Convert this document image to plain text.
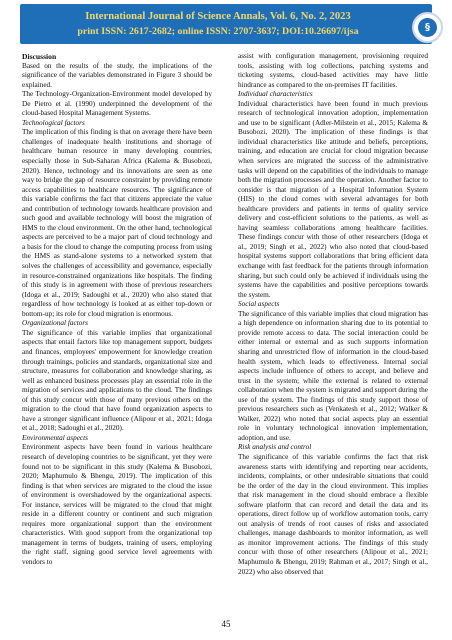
International Journal of Science Annals, Vol. 6, No. 2, 2023
print ISSN: 2617-2682; online ISSN: 2707-3637; DOI:10.26697/ijsa	§

Discussion

Based on the results of the study, the implications of the significance of the variables demonstrated in Figure 3 should be explained.

The Technology-Organization-Environment model developed by De Pietro et al. (1990) underpinned the development of the cloud-based Hospital Management Systems.

Technological factors

The implication of this finding is that on average there have been challenges of inadequate health institutions and shortage of healthcare human resource in many developing countries, especially those in Sub-Saharan Africa (Kalema & Busobozi, 2020). Hence, technology and its innovations are seen as one way to bridge the gap of resource constraint by providing remote access capabilities to healthcare resources. The significance of this variable confirms the fact that citizens appreciate the value and contribution of technology towards healthcare provision and such good and available technology will boost the migration of HMS to the cloud environment. On the other hand, technological aspects are perceived to be a major part of cloud technology and a basis for the cloud to change the computing process from using the HMS as stand-alone systems to a networked system that solves the challenges of accessibility and governance, especially in resource-constrained organizations like hospitals. The finding of this study is in agreement with those of previous researchers (Idoga et al., 2019; Sadoughi et al., 2020) who also stated that regardless of how technology is looked at as either top-down or bottom-up; its role for cloud migration is enormous.

Organizational factors

The significance of this variable implies that organizational aspects that entail factors like top management support, budgets and finances, employees' empowerment for knowledge creation through trainings, policies and standards, organizational size and structure, measures for collaboration and knowledge sharing, as well as enhanced business processes play an essential role in the migration of services and applications to the cloud. The findings of this study concur with those of many previous others on the migration to the cloud that have found organization aspects to have a stronger significant influence (Alipour et al., 2021; Idoga et al., 2018; Sadoughi et al., 2020).

Environmental aspects

Environment aspects have been found in various healthcare research of developing countries to be significant, yet they were found not to be significant in this study (Kalema & Busobozi, 2020; Maphumulo & Bhengu, 2019). The implication of this finding is that when services are migrated to the cloud the issue of environment is overshadowed by the organizational aspects. For instance, services will be migrated to the cloud that might reside in a different country or continent and such migration requires more organizational support than the environment characteristics. With good support from the organizational top management in terms of budgets, training of users, employing the right staff, signing good service level agreements with vendors to

assist with configuration management, provisioning required tools, assisting with log collections, patching systems and ticketing systems, cloud-based activities may have little hindrance as compared to the on-premises IT facilities.

Individual characteristics

Individual characteristics have been found in much previous research of technological innovation adoption, implementation and use to be significant (Adler-Milstein et al., 2015; Kalema & Busobozi, 2020). The implication of these findings is that individual characteristics like attitude and beliefs, perceptions, training, and education are crucial for cloud migration because when services are migrated the success of the administrative tasks will depend on the capabilities of the individuals to manage both the migration processes and the operation. Another factor to consider is that migration of a Hospital Information System (HIS) to the cloud comes with several advantages for both healthcare providers and patients in terms of quality service delivery and cost-efficient solutions to the patients, as well as having seamless collaborations among healthcare facilities. These findings concur with those of other researchers (Idoga et al., 2019; Singh et al., 2022) who also noted that cloud-based hospital systems support collaborations that bring efficient data exchange with fast feedback for the patients through information sharing, but such could only be achieved if individuals using the systems have the capabilities and positive perceptions towards the system.

Social aspects

The significance of this variable implies that cloud migration has a high dependence on information sharing due to its potential to provide remote access to data. The social interaction could be either internal or external and as such supports information sharing and unrestricted flow of information in the cloud-based health system, which leads to effectiveness. Internal social aspects include influence of others to accept, and believe and trust in the system; while the external is related to external collaboration when the system is migrated and support during the use of the system. The findings of this study support those of previous researchers such as (Venkatesh et al., 2012; Walker & Walker, 2022) who noted that social aspects play an essential role in voluntary technological innovation implementation, adoption, and use.

Risk analysis and control

The significance of this variable confirms the fact that risk awareness starts with identifying and reporting near accidents, incidents, complaints, or other undesirable situations that could be the order of the day in the cloud environment. This implies that risk management in the cloud should embrace a flexible software platform that can record and detail the data and its operations, direct follow up of workflow automation tools, carry out analysis of trends of root causes of risks and associated challenges, manage dashboards to monitor information, as well as monitor improvement actions. The findings of this study concur with those of other researchers (Alipour et al., 2021; Maphumulo & Bhengu, 2019; Rahman et al., 2017; Singh et al., 2022) who also observed that

45
